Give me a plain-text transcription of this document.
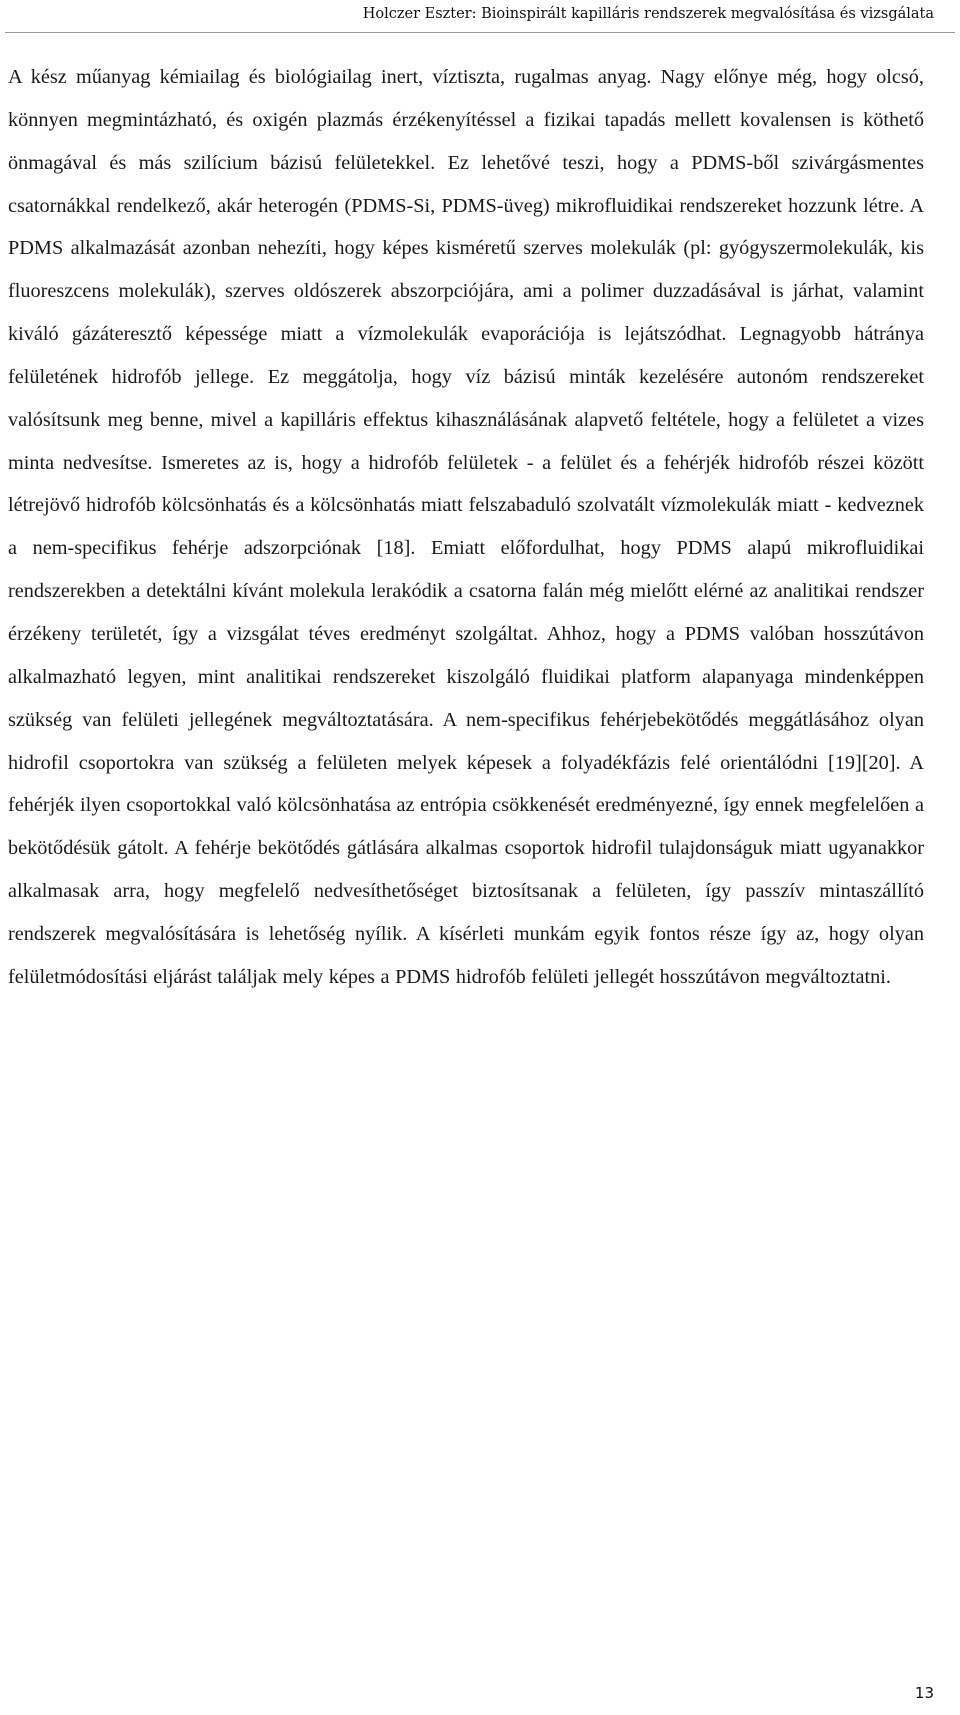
Holczer Eszter: Bioinspirált kapilláris rendszerek megvalósítása és vizsgálata

A kész műanyag kémiailag és biológiailag inert, víztiszta, rugalmas anyag. Nagy előnye még, hogy olcsó, könnyen megmintázható, és oxigén plazmás érzékenyítéssel a fizikai tapadás mellett kovalensen is köthető önmagával és más szilícium bázisú felületekkel. Ez lehetővé teszi, hogy a PDMS-ből szivárgásmentes csatornákkal rendelkező, akár heterogén (PDMS-Si, PDMS-üveg) mikrofluidikai rendszereket hozzunk létre. A PDMS alkalmazását azonban nehezíti, hogy képes kisméretű szerves molekulák (pl: gyógyszermolekulák, kis fluoreszcens molekulák), szerves oldószerek abszorpciójára, ami a polimer duzzadásával is járhat, valamint kiváló gázáteresztő képessége miatt a vízmolekulák evaporációja is lejátszódhat. Legnagyobb hátránya felületének hidrofób jellege. Ez meggátolja, hogy víz bázisú minták kezelésére autonóm rendszereket valósítsunk meg benne, mivel a kapilláris effektus kihasználásának alapvető feltétele, hogy a felületet a vizes minta nedvesítse. Ismeretes az is, hogy a hidrofób felületek - a felület és a fehérjék hidrofób részei között létrejövő hidrofób kölcsönhatás és a kölcsönhatás miatt felszabaduló szolvatált vízmolekulák miatt - kedveznek a nem-specifikus fehérje adszorpciónak [18]. Emiatt előfordulhat, hogy PDMS alapú mikrofluidikai rendszerekben a detektálni kívánt molekula lerakódik a csatorna falán még mielőtt elérné az analitikai rendszer érzékeny területét, így a vizsgálat téves eredményt szolgáltat. Ahhoz, hogy a PDMS valóban hosszútávon alkalmazható legyen, mint analitikai rendszereket kiszolgáló fluidikai platform alapanyaga mindenképpen szükség van felületi jellegének megváltoztatására. A nem-specifikus fehérjebekötődés meggátlásához olyan hidrofil csoportokra van szükség a felületen melyek képesek a folyadékfázis felé orientálódni [19][20]. A fehérjék ilyen csoportokkal való kölcsönhatása az entrópia csökkenését eredményezné, így ennek megfelelően a bekötődésük gátolt. A fehérje bekötődés gátlására alkalmas csoportok hidrofil tulajdonságuk miatt ugyanakkor alkalmasak arra, hogy megfelelő nedvesíthetőséget biztosítsanak a felületen, így passzív mintaszállító rendszerek megvalósítására is lehetőség nyílik. A kísérleti munkám egyik fontos része így az, hogy olyan felületmódosítási eljárást találjak mely képes a PDMS hidrofób felületi jellegét hosszútávon megváltoztatni.

13
